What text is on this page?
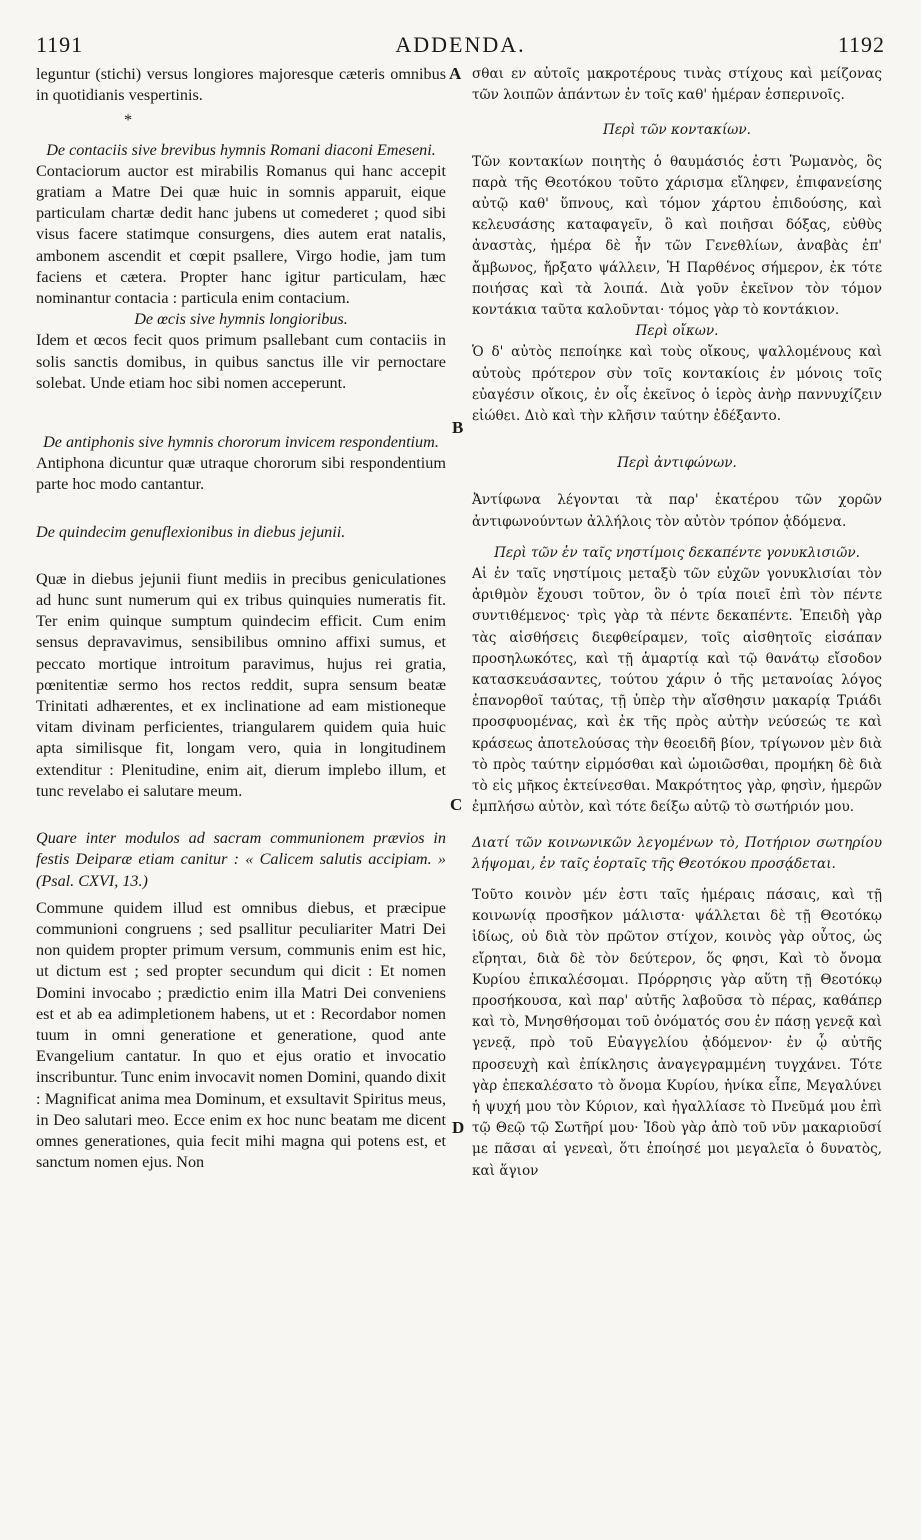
1191	ADDENDA.	1192
A
B
C
D

leguntur (stichi) versus longiores majoresque cæteris omnibus in quotidianis vespertinis.

*

De contaciis sive brevibus hymnis Romani diaconi Emeseni.

Contaciorum auctor est mirabilis Romanus qui hanc accepit gratiam a Matre Dei quæ huic in somnis apparuit, eique particulam chartæ dedit hanc jubens ut comederet ; quod sibi visus facere statimque consurgens, dies autem erat natalis, ambonem ascendit et cœpit psallere, Virgo hodie, jam tum faciens et cætera. Propter hanc igitur particulam, hæc nominantur contacia : particula enim contacium.

De œcis sive hymnis longioribus.

Idem et œcos fecit quos primum psallebant cum contaciis in solis sanctis domibus, in quibus sanctus ille vir pernoctare solebat. Unde etiam hoc sibi nomen acceperunt.

De antiphonis sive hymnis chororum invicem respondentium.

Antiphona dicuntur quæ utraque chororum sibi respondentium parte hoc modo cantantur.

De quindecim genuflexionibus in diebus jejunii.

Quæ in diebus jejunii fiunt mediis in precibus geniculationes ad hunc sunt numerum qui ex tribus quinquies numeratis fit. Ter enim quinque sumptum quindecim efficit. Cum enim sensus depravavimus, sensibilibus omnino affixi sumus, et peccato mortique introitum paravimus, hujus rei gratia, pœnitentiæ sermo hos rectos reddit, supra sensum beatæ Trinitati adhærentes, et ex inclinatione ad eam mistioneque vitam divinam perficientes, triangularem quidem quia huic apta similisque fit, longam vero, quia in longitudinem extenditur : Plenitudine, enim ait, dierum implebo illum, et tunc revelabo ei salutare meum.

Quare inter modulos ad sacram communionem prævios in festis Deiparæ etiam canitur : « Calicem salutis accipiam. » (Psal. CXVI, 13.)

Commune quidem illud est omnibus diebus, et præcipue communioni congruens ; sed psallitur peculiariter Matri Dei non quidem propter primum versum, communis enim est hic, ut dictum est ; sed propter secundum qui dicit : Et nomen Domini invocabo ; prædictio enim illa Matri Dei conveniens est et ab ea adimpletionem habens, ut et : Recordabor nomen tuum in omni generatione et generatione, quod ante Evangelium cantatur. In quo et ejus oratio et invocatio inscribuntur. Tunc enim invocavit nomen Domini, quando dixit : Magnificat anima mea Dominum, et exsultavit Spiritus meus, in Deo salutari meo. Ecce enim ex hoc nunc beatam me dicent omnes generationes, quia fecit mihi magna qui potens est, et sanctum nomen ejus. Non

σθαι εν αὐτοῖς μακροτέρους τινὰς στίχους καὶ μείζονας τῶν λοιπῶν ἁπάντων ἐν τοῖς καθ' ἡμέραν ἑσπερινοῖς.

Περὶ τῶν κοντακίων.

Τῶν κοντακίων ποιητὴς ὁ θαυμάσιός ἐστι Ῥωμανὸς, ὃς παρὰ τῆς Θεοτόκου τοῦτο χάρισμα εἴληφεν, ἐπιφανείσης αὐτῷ καθ' ὕπνους, καὶ τόμον χάρτου ἐπιδούσης, καὶ κελευσάσης καταφαγεῖν, ὃ καὶ ποιῆσαι δόξας, εὐθὺς ἀναστὰς, ἡμέρα δὲ ἦν τῶν Γενεθλίων, ἀναβὰς ἐπ' ἄμβωνος, ἤρξατο ψάλλειν, Ἡ Παρθένος σήμερον, ἐκ τότε ποιήσας καὶ τὰ λοιπά. Διὰ γοῦν ἐκεῖνον τὸν τόμον κοντάκια ταῦτα καλοῦνται· τόμος γὰρ τὸ κοντάκιον.

Περὶ οἴκων.

Ὁ δ' αὐτὸς πεποίηκε καὶ τοὺς οἴκους, ψαλλομένους καὶ αὐτοὺς πρότερον σὺν τοῖς κοντακίοις ἐν μόνοις τοῖς εὐαγέσιν οἴκοις, ἐν οἷς ἐκεῖνος ὁ ἱερὸς ἀνὴρ παννυχίζειν εἰώθει. Διὸ καὶ τὴν κλῆσιν ταύτην ἐδέξαντο.

Περὶ ἀντιφώνων.

Ἀντίφωνα λέγονται τὰ παρ' ἑκατέρου τῶν χορῶν ἀντιφωνούντων ἀλλήλοις τὸν αὐτὸν τρόπον ᾀδόμενα.

Περὶ τῶν ἐν ταῖς νηστίμοις δεκαπέντε γονυκλισιῶν.

Αἱ ἐν ταῖς νηστίμοις μεταξὺ τῶν εὐχῶν γονυκλισίαι τὸν ἀριθμὸν ἔχουσι τοῦτον, ὃν ὁ τρία ποιεῖ ἐπὶ τὸν πέντε συντιθέμενος· τρὶς γὰρ τὰ πέντε δεκαπέντε. Ἐπειδὴ γὰρ τὰς αἰσθήσεις διεφθείραμεν, τοῖς αἰσθητοῖς εἰσάπαν προσηλωκότες, καὶ τῇ ἁμαρτίᾳ καὶ τῷ θανάτῳ εἴσοδον κατασκευάσαντες, τούτου χάριν ὁ τῆς μετανοίας λόγος ἐπανορθοῖ ταύτας, τῇ ὑπὲρ τὴν αἴσθησιν μακαρίᾳ Τριάδι προσφυομένας, καὶ ἐκ τῆς πρὸς αὐτὴν νεύσεώς τε καὶ κράσεως ἀποτελούσας τὴν θεοειδῆ βίον, τρίγωνον μὲν διὰ τὸ πρὸς ταύτην εἱρμόσθαι καὶ ὡμοιῶσθαι, προμήκη δὲ διὰ τὸ εἰς μῆκος ἐκτείνεσθαι. Μακρότητος γὰρ, φησὶν, ἡμερῶν ἐμπλήσω αὐτὸν, καὶ τότε δείξω αὐτῷ τὸ σωτήριόν μου.

Διατί τῶν κοινωνικῶν λεγομένων τὸ, Ποτήριον σωτηρίου λήψομαι, ἐν ταῖς ἑορταῖς τῆς Θεοτόκου προσᾴδεται.

Τοῦτο κοινὸν μέν ἐστι ταῖς ἡμέραις πάσαις, καὶ τῇ κοινωνίᾳ προσῆκον μάλιστα· ψάλλεται δὲ τῇ Θεοτόκῳ ἰδίως, οὐ διὰ τὸν πρῶτον στίχον, κοινὸς γὰρ οὗτος, ὡς εἴρηται, διὰ δὲ τὸν δεύτερον, ὅς φησι, Καὶ τὸ ὄνομα Κυρίου ἐπικαλέσομαι. Πρόρρησις γὰρ αὕτη τῇ Θεοτόκῳ προσήκουσα, καὶ παρ' αὐτῆς λαβοῦσα τὸ πέρας, καθάπερ καὶ τὸ, Μνησθήσομαι τοῦ ὀνόματός σου ἐν πάσῃ γενεᾷ καὶ γενεᾷ, πρὸ τοῦ Εὐαγγελίου ᾀδόμενον· ἐν ᾧ αὐτῆς προσευχὴ καὶ ἐπίκλησις ἀναγεγραμμένη τυγχάνει. Τότε γὰρ ἐπεκαλέσατο τὸ ὄνομα Κυρίου, ἡνίκα εἶπε, Μεγαλύνει ἡ ψυχή μου τὸν Κύριον, καὶ ἠγαλλίασε τὸ Πνεῦμά μου ἐπὶ τῷ Θεῷ τῷ Σωτῆρί μου· Ἰδοὺ γὰρ ἀπὸ τοῦ νῦν μακαριοῦσί με πᾶσαι αἱ γενεαὶ, ὅτι ἐποίησέ μοι μεγαλεῖα ὁ δυνατὸς, καὶ ἅγιον
